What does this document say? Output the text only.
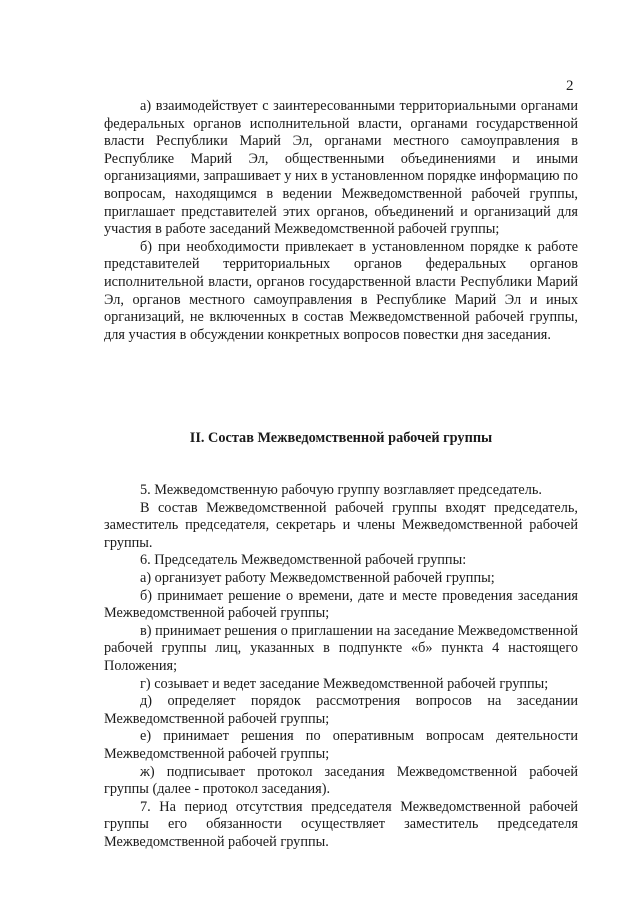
2

а) взаимодействует с заинтересованными территориальными органами федеральных органов исполнительной власти, органами государственной власти Республики Марий Эл, органами местного самоуправления в Республике Марий Эл, общественными объединениями и иными организациями, запрашивает у них в установленном порядке информацию по вопросам, находящимся в ведении Межведомственной рабочей группы, приглашает представителей этих органов, объединений и организаций для участия в работе заседаний Межведомственной рабочей группы;

б) при необходимости привлекает в установленном порядке к работе представителей территориальных органов федеральных органов исполнительной власти, органов государственной власти Республики Марий Эл, органов местного самоуправления в Республике Марий Эл и иных организаций, не включенных в состав Межведомственной рабочей группы, для участия в обсуждении конкретных вопросов повестки дня заседания.

II. Состав Межведомственной рабочей группы

5. Межведомственную рабочую группу возглавляет председатель.

В состав Межведомственной рабочей группы входят председатель, заместитель председателя, секретарь и члены Межведомственной рабочей группы.

6. Председатель Межведомственной рабочей группы:

а) организует работу Межведомственной рабочей группы;

б) принимает решение о времени, дате и месте проведения заседания Межведомственной рабочей группы;

в) принимает решения о приглашении на заседание Межведомственной рабочей группы лиц, указанных в подпункте «б» пункта 4 настоящего Положения;

г) созывает и ведет заседание Межведомственной рабочей группы;

д) определяет порядок рассмотрения вопросов на заседании Межведомственной рабочей группы;

е) принимает решения по оперативным вопросам деятельности Межведомственной рабочей группы;

ж) подписывает протокол заседания Межведомственной рабочей группы (далее - протокол заседания).

7. На период отсутствия председателя Межведомственной рабочей группы его обязанности осуществляет заместитель председателя Межведомственной рабочей группы.
